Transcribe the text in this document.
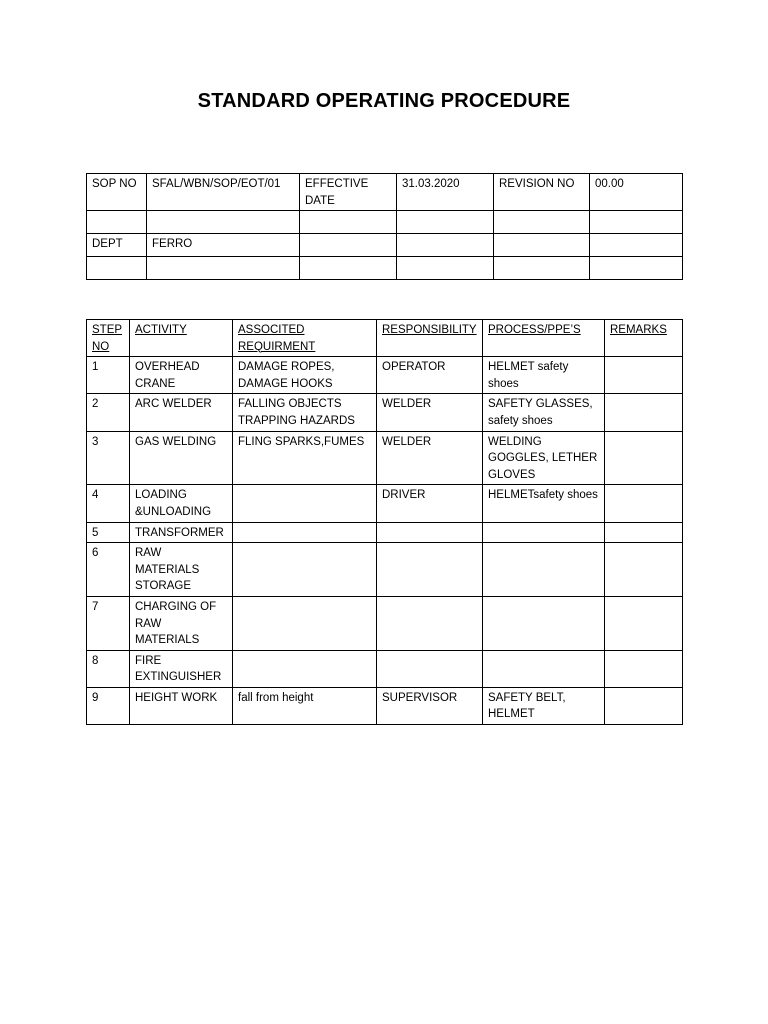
STANDARD OPERATING PROCEDURE
SOP NO	SFAL/WBN/SOP/EOT/01	EFFECTIVE DATE	31.03.2020	REVISION NO	00.00

DEPT	FERRO				

STEP NO	ACTIVITY	ASSOCITED REQUIRMENT	RESPONSIBILITY	PROCESS/PPE’S	REMARKS
1	OVERHEAD CRANE	DAMAGE ROPES, DAMAGE HOOKS	OPERATOR	HELMET safety shoes	
2	ARC WELDER	FALLING OBJECTS TRAPPING HAZARDS	WELDER	SAFETY GLASSES, safety shoes	
3	GAS WELDING	FLING SPARKS,FUMES	WELDER	WELDING GOGGLES, LETHER GLOVES	
4	LOADING &UNLOADING		DRIVER	HELMETsafety shoes	
5	TRANSFORMER				
6	RAW MATERIALS STORAGE				
7	CHARGING OF RAW MATERIALS				
8	FIRE EXTINGUISHER				
9	HEIGHT WORK	fall from height	SUPERVISOR	SAFETY BELT, HELMET	
